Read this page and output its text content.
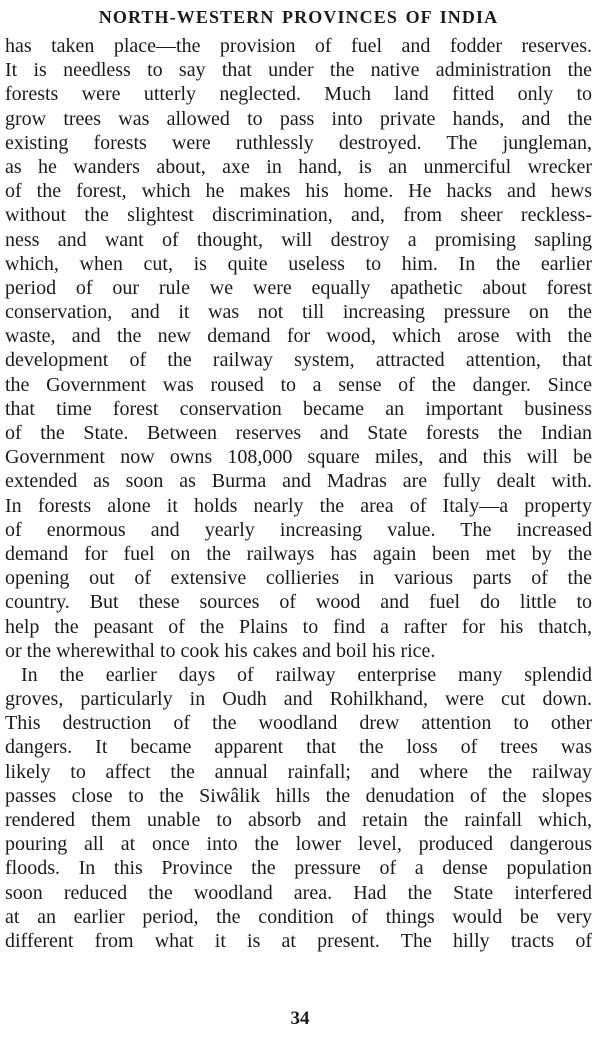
NORTH-WESTERN PROVINCES OF INDIA

has taken place—the provision of fuel and fodder reserves.
It is needless to say that under the native administration the
forests were utterly neglected. Much land fitted only to
grow trees was allowed to pass into private hands, and the
existing forests were ruthlessly destroyed. The jungleman,
as he wanders about, axe in hand, is an unmerciful wrecker
of the forest, which he makes his home. He hacks and hews
without the slightest discrimination, and, from sheer reckless-
ness and want of thought, will destroy a promising sapling
which, when cut, is quite useless to him. In the earlier
period of our rule we were equally apathetic about forest
conservation, and it was not till increasing pressure on the
waste, and the new demand for wood, which arose with the
development of the railway system, attracted attention, that
the Government was roused to a sense of the danger. Since
that time forest conservation became an important business
of the State. Between reserves and State forests the Indian
Government now owns 108,000 square miles, and this will be
extended as soon as Burma and Madras are fully dealt with.
In forests alone it holds nearly the area of Italy—a property
of enormous and yearly increasing value. The increased
demand for fuel on the railways has again been met by the
opening out of extensive collieries in various parts of the
country. But these sources of wood and fuel do little to
help the peasant of the Plains to find a rafter for his thatch,
or the wherewithal to cook his cakes and boil his rice.

In the earlier days of railway enterprise many splendid
groves, particularly in Oudh and Rohilkhand, were cut down.
This destruction of the woodland drew attention to other
dangers. It became apparent that the loss of trees was
likely to affect the annual rainfall; and where the railway
passes close to the Siwâlik hills the denudation of the slopes
rendered them unable to absorb and retain the rainfall which,
pouring all at once into the lower level, produced dangerous
floods. In this Province the pressure of a dense population
soon reduced the woodland area. Had the State interfered
at an earlier period, the condition of things would be very
different from what it is at present. The hilly tracts of

34
